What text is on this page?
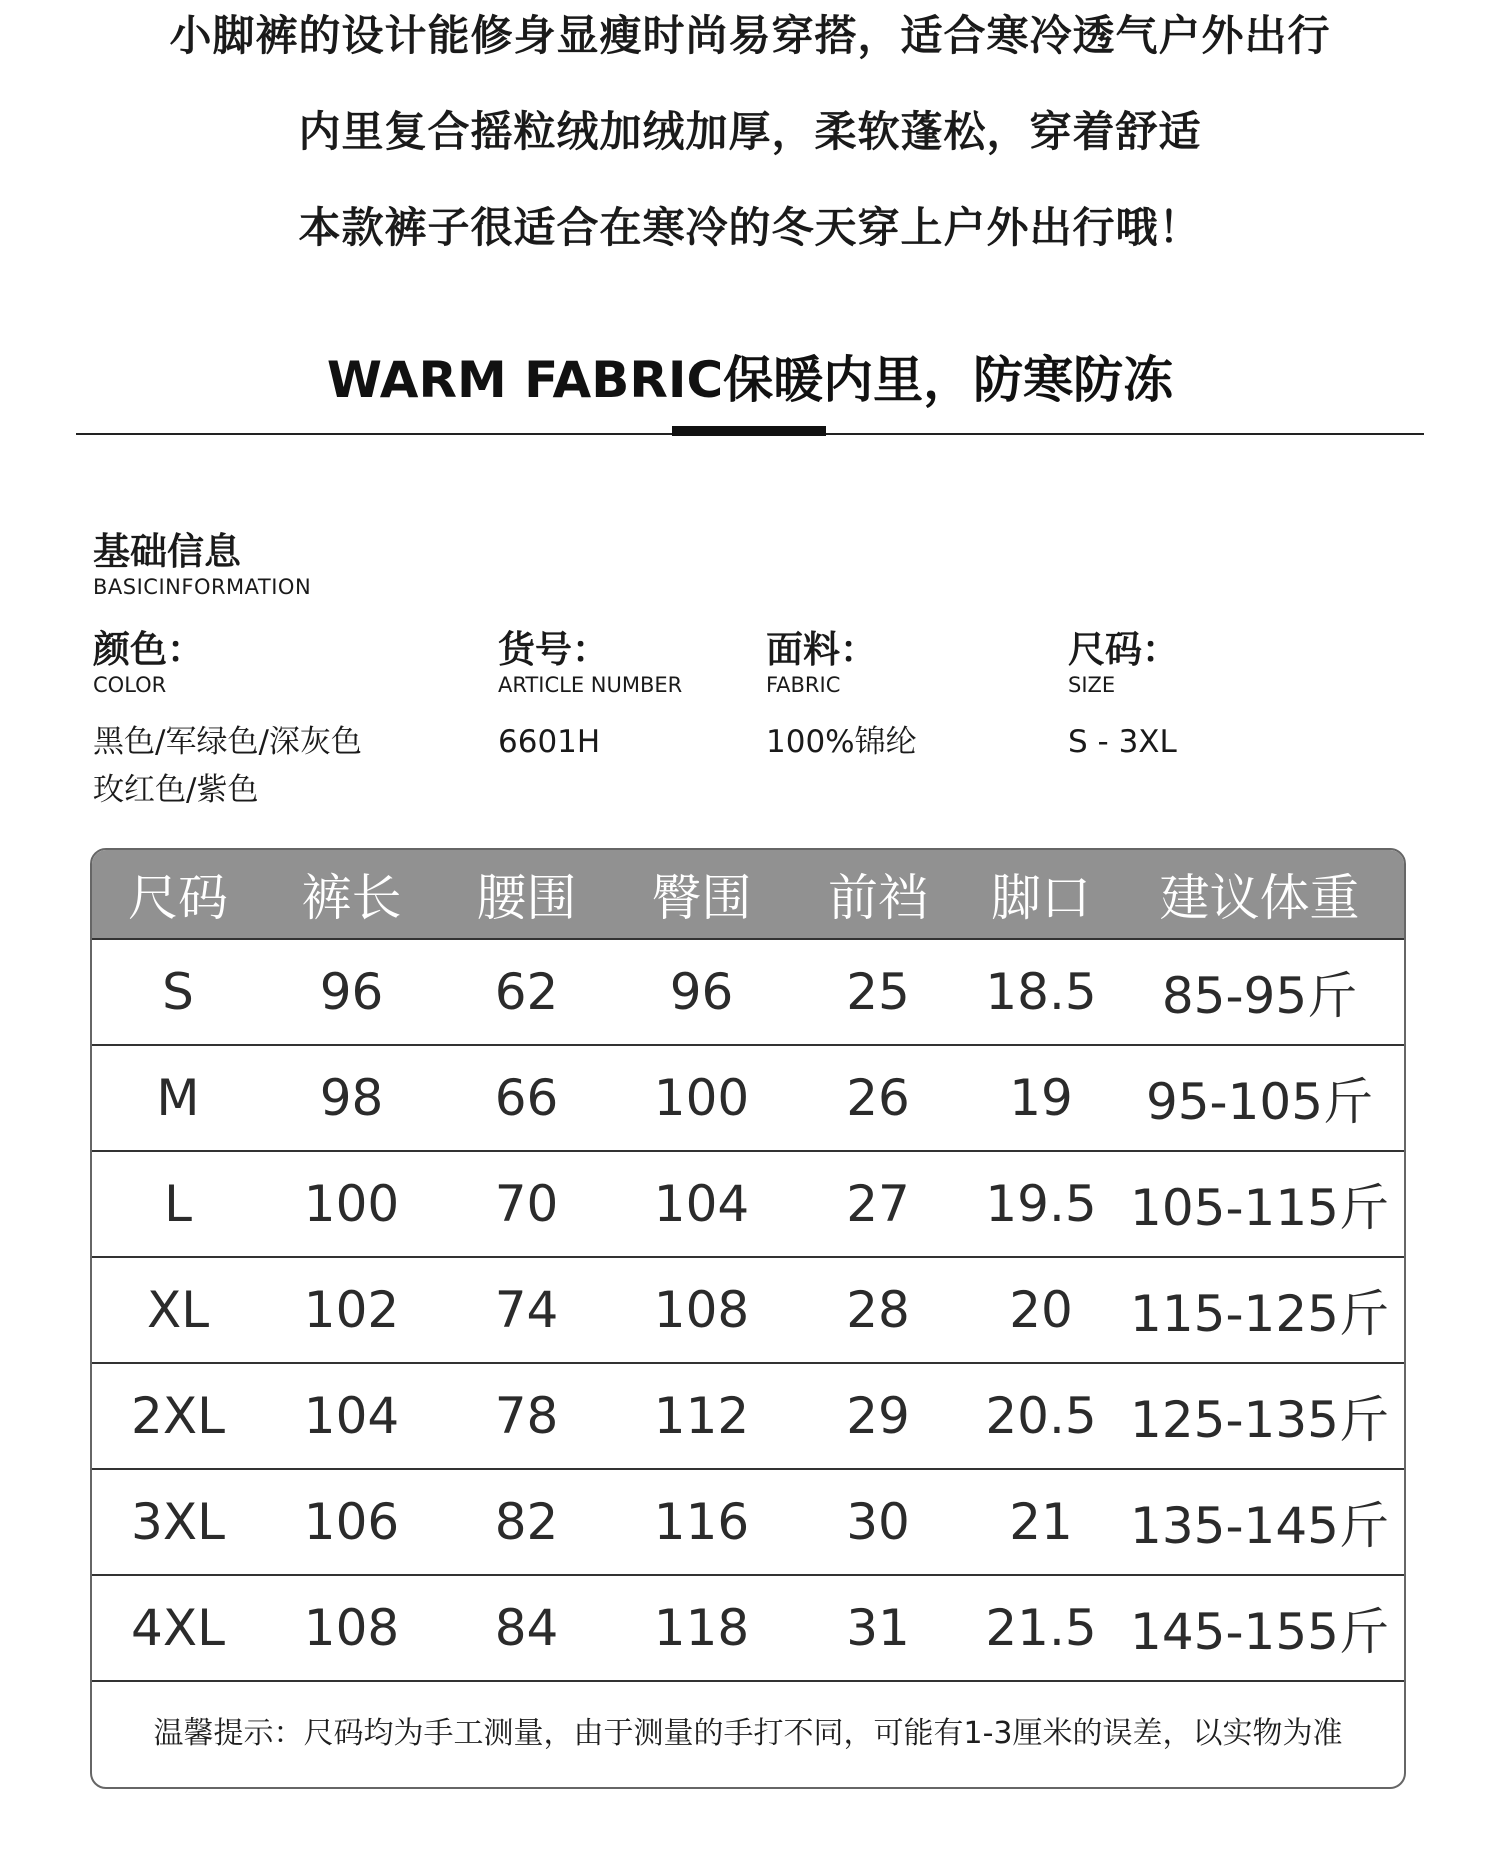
小脚裤的设计能修身显瘦时尚易穿搭，适合寒冷透气户外出行
内里复合摇粒绒加绒加厚，柔软蓬松，穿着舒适
本款裤子很适合在寒冷的冬天穿上户外出行哦！
WARM FABRIC保暖内里，防寒防冻
基础信息
BASICINFORMATION
颜色：
COLOR
黑色/军绿色/深灰色
玫红色/紫色
货号：
ARTICLE NUMBER
6601H
面料：
FABRIC
100%锦纶
尺码：
SIZE
S - 3XL
尺码	裤长	腰围	臀围	前裆	脚口	建议体重
S	96	62	96	25	18.5	85-95斤
M	98	66	100	26	19	95-105斤
L	100	70	104	27	19.5	105-115斤
XL	102	74	108	28	20	115-125斤
2XL	104	78	112	29	20.5	125-135斤
3XL	106	82	116	30	21	135-145斤
4XL	108	84	118	31	21.5	145-155斤
温馨提示：尺码均为手工测量，由于测量的手打不同，可能有1-3厘米的误差，以实物为准
